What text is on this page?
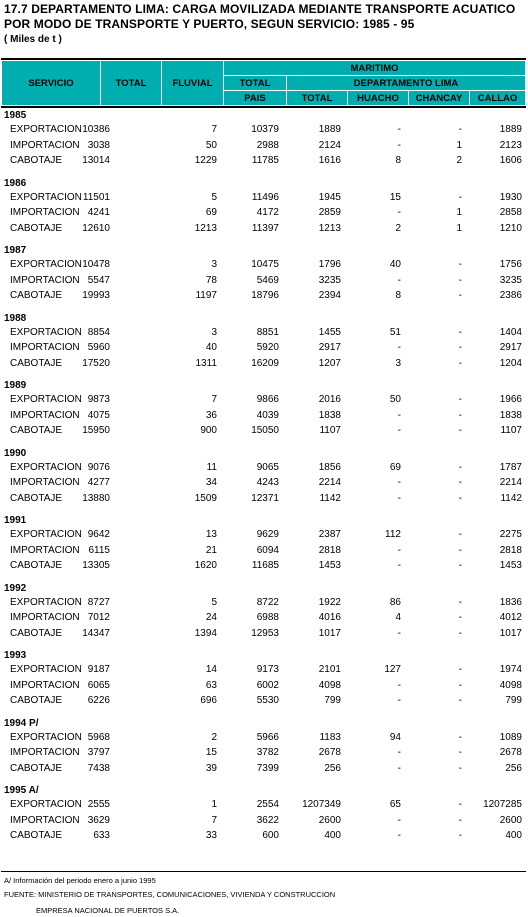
17.7 DEPARTAMENTO LIMA: CARGA MOVILIZADA MEDIANTE TRANSPORTE ACUATICO
POR MODO DE TRANSPORTE Y PUERTO, SEGUN SERVICIO: 1985 - 95
( Miles de t )
SERVICIO	TOTAL	FLUVIAL	MARITIMO				
			TOTAL	DEPARTAMENTO LIMA			
			PAIS	TOTAL	HUACHO	CHANCAY	CALLAO
1985
EXPORTACION 10386	7	10379	1889	-	-	1889
IMPORTACION 3038	50	2988	2124	-	1	2123
CABOTAJE 13014	1229	11785	1616	8	2	1606
1986
EXPORTACION 11501	5	11496	1945	15	-	1930
IMPORTACION 4241	69	4172	2859	-	1	2858
CABOTAJE 12610	1213	11397	1213	2	1	1210
1987
EXPORTACION 10478	3	10475	1796	40	-	1756
IMPORTACION 5547	78	5469	3235	-	-	3235
CABOTAJE 19993	1197	18796	2394	8	-	2386
1988
EXPORTACION 8854	3	8851	1455	51	-	1404
IMPORTACION 5960	40	5920	2917	-	-	2917
CABOTAJE 17520	1311	16209	1207	3	-	1204
1989
EXPORTACION 9873	7	9866	2016	50	-	1966
IMPORTACION 4075	36	4039	1838	-	-	1838
CABOTAJE 15950	900	15050	1107	-	-	1107
1990
EXPORTACION 9076	11	9065	1856	69	-	1787
IMPORTACION 4277	34	4243	2214	-	-	2214
CABOTAJE 13880	1509	12371	1142	-	-	1142
1991
EXPORTACION 9642	13	9629	2387	112	-	2275
IMPORTACION 6115	21	6094	2818	-	-	2818
CABOTAJE 13305	1620	11685	1453	-	-	1453
1992
EXPORTACION 8727	5	8722	1922	86	-	1836
IMPORTACION 7012	24	6988	4016	4	-	4012
CABOTAJE 14347	1394	12953	1017	-	-	1017
1993
EXPORTACION 9187	14	9173	2101	127	-	1974
IMPORTACION 6065	63	6002	4098	-	-	4098
CABOTAJE	6226	696	5530	799	-	-	799
1994 P/
EXPORTACION 5968	2	5966	1183	94	-	1089
IMPORTACION 3797	15	3782	2678	-	-	2678
CABOTAJE	7438	39	7399	256	-	-	256
1995 A/
EXPORTACION 2555	1	2554 1207349	65	- 1207285
IMPORTACION 3629	7	3622	2600	-	-	2600
CABOTAJE	633	33	600	400	-	-	400
A/ Información del periodo enero a junio 1995
FUENTE: MINISTERIO DE TRANSPORTES, COMUNICACIONES, VIVIENDA Y CONSTRUCCION
EMPRESA NACIONAL DE PUERTOS S.A.
